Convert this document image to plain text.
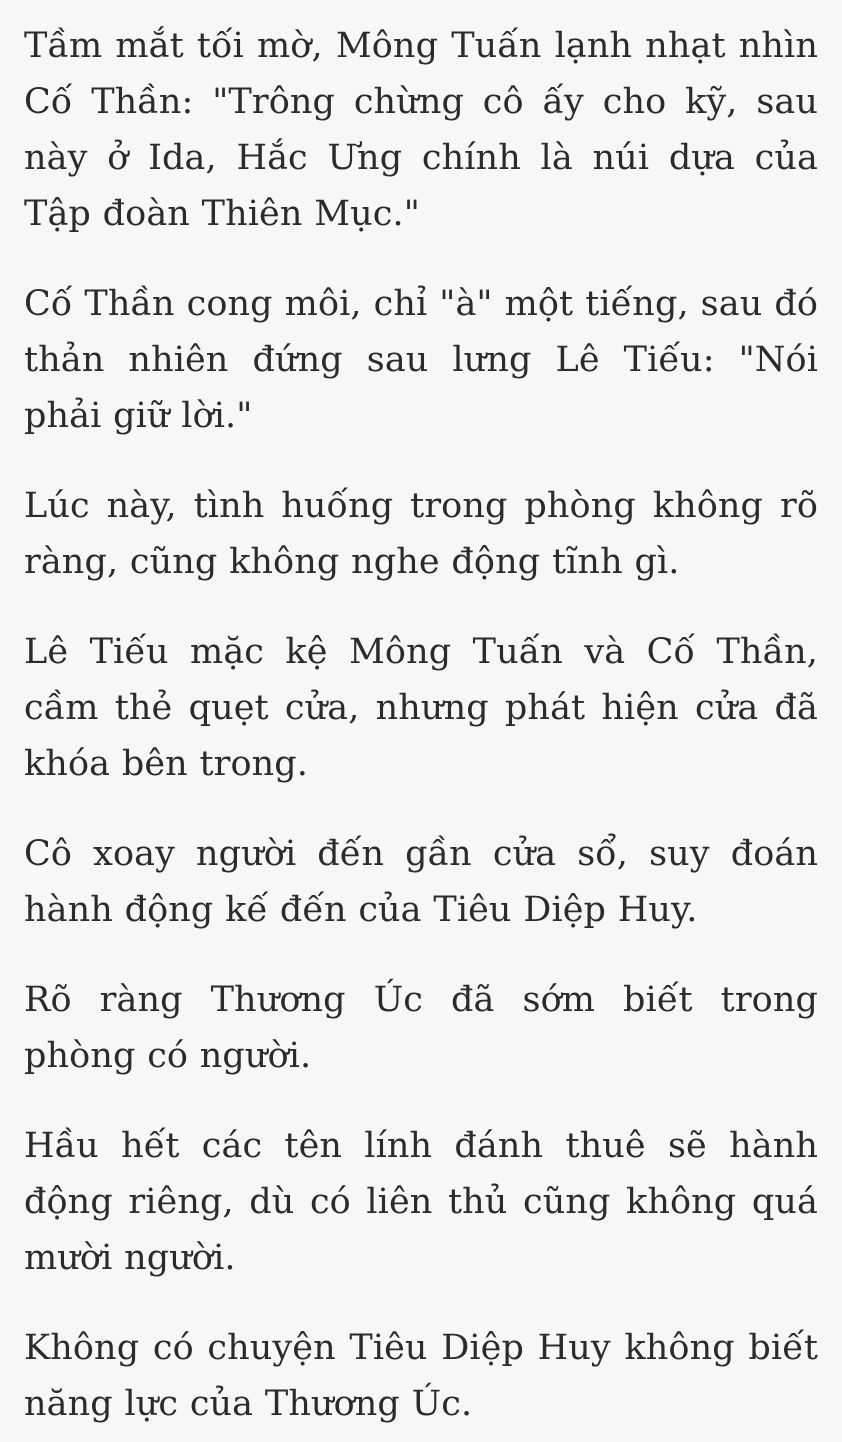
Tầm mắt tối mờ, Mông Tuấn lạnh nhạt nhìn Cố Thần: "Trông chừng cô ấy cho kỹ, sau này ở Ida, Hắc Ưng chính là núi dựa của Tập đoàn Thiên Mục."

Cố Thần cong môi, chỉ "à" một tiếng, sau đó thản nhiên đứng sau lưng Lê Tiếu: "Nói phải giữ lời."

Lúc này, tình huống trong phòng không rõ ràng, cũng không nghe động tĩnh gì.

Lê Tiếu mặc kệ Mông Tuấn và Cố Thần, cầm thẻ quẹt cửa, nhưng phát hiện cửa đã khóa bên trong.

Cô xoay người đến gần cửa sổ, suy đoán hành động kế đến của Tiêu Diệp Huy.

Rõ ràng Thương Úc đã sớm biết trong phòng có người.

Hầu hết các tên lính đánh thuê sẽ hành động riêng, dù có liên thủ cũng không quá mười người.

Không có chuyện Tiêu Diệp Huy không biết năng lực của Thương Úc.
